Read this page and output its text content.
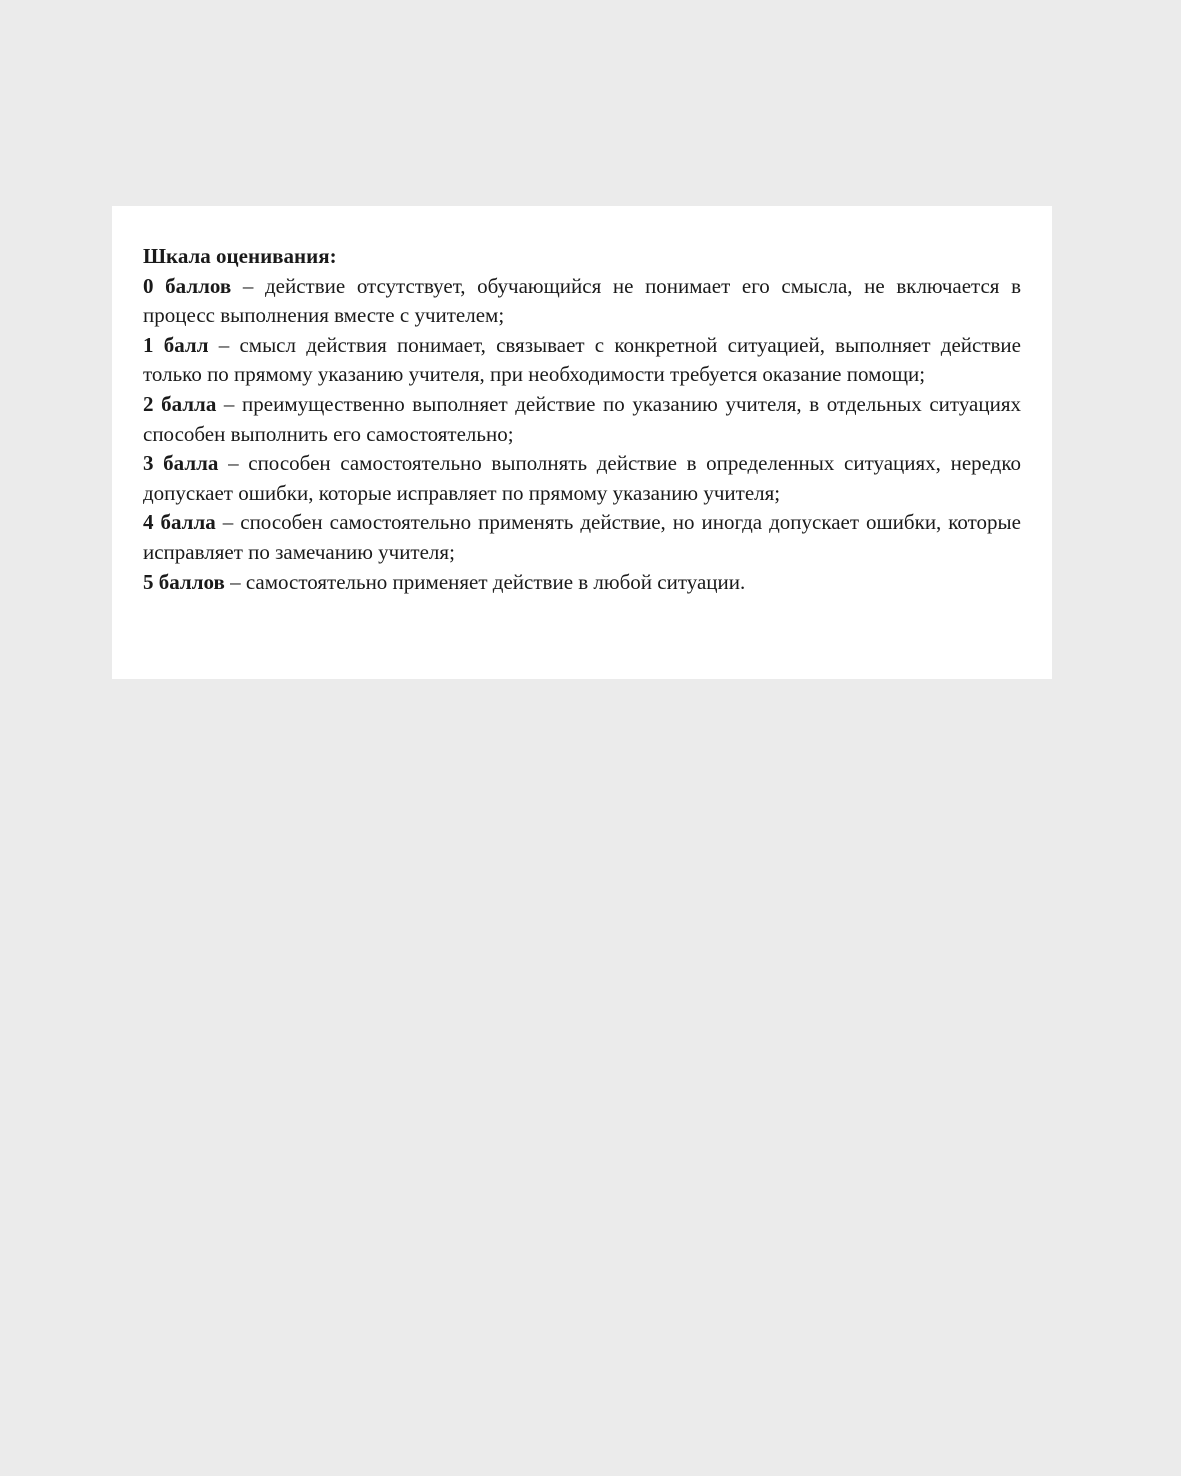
Шкала оценивания:

0 баллов – действие отсутствует, обучающийся не понимает его смысла, не включается в процесс выполнения вместе с учителем;

1 балл – смысл действия понимает, связывает с конкретной ситуацией, выполняет действие только по прямому указанию учителя, при необходимости требуется оказание помощи;

2 балла – преимущественно выполняет действие по указанию учителя, в отдельных ситуациях способен выполнить его самостоятельно;

3 балла – способен самостоятельно выполнять действие в определенных ситуациях, нередко допускает ошибки, которые исправляет по прямому указанию учителя;

4 балла – способен самостоятельно применять действие, но иногда допускает ошибки, которые исправляет по замечанию учителя;

5 баллов – самостоятельно применяет действие в любой ситуации.
